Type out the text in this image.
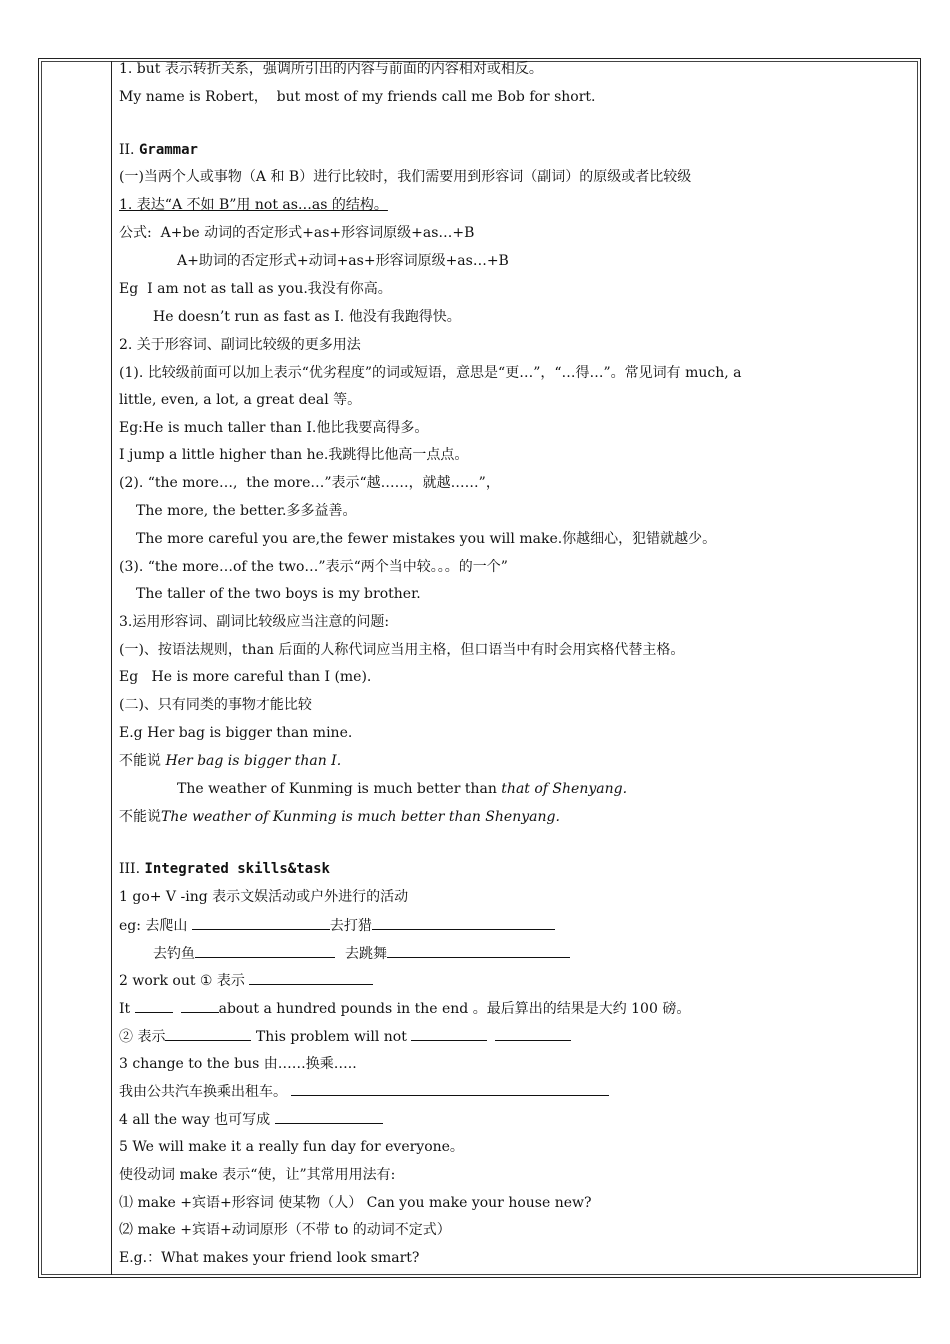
1. but 表示转折关系，强调所引出的内容与前面的内容相对或相反。
My name is Robert，  but most of my friends call me Bob for short.
II. Grammar
(一)当两个人或事物（A 和 B）进行比较时，我们需要用到形容词（副词）的原级或者比较级
1. 表达“A 不如 B”用 not as…as 的结构。
公式:  A+be 动词的否定形式+as+形容词原级+as…+B
A+助词的否定形式+动词+as+形容词原级+as…+B
Eg  I am not as tall as you.我没有你高。
He doesn’t run as fast as I. 他没有我跑得快。
2. 关于形容词、副词比较级的更多用法
(1). 比较级前面可以加上表示“优劣程度”的词或短语，意思是“更…”，“…得…”。常见词有 much, a
little, even, a lot, a great deal 等。
Eg:He is much taller than I.他比我要高得多。
I jump a little higher than he.我跳得比他高一点点。
(2). “the more…,  the more…”表示“越……，就越……”，
The more, the better.多多益善。
The more careful you are,the fewer mistakes you will make.你越细心，犯错就越少。
(3). “the more…of the two…”表示“两个当中较。。。的一个”
The taller of the two boys is my brother.
3.运用形容词、副词比较级应当注意的问题:
(一)、按语法规则，than 后面的人称代词应当用主格，但口语当中有时会用宾格代替主格。
Eg   He is more careful than I (me).
(二)、只有同类的事物才能比较
E.g Her bag is bigger than mine.
不能说 Her bag is bigger than I.
The weather of Kunming is much better than that of Shenyang.
不能说The weather of Kunming is much better than Shenyang.
III. Integrated skills&task
1 go+ V -ing 表示文娱活动或户外进行的活动
eg: 去爬山	去打猎
去钓鱼	去跳舞
2 work out ① 表示
It	about a hundred pounds in the end 。最后算出的结果是大约 100 磅。
② 表示	This problem will not
3 change to the bus 由……换乘…..
我由公共汽车换乘出租车。
4 all the way 也可写成
5 We will make it a really fun day for everyone。
使役动词 make 表示“使，让”其常用用法有:
⑴ make +宾语+形容词 使某物（人） Can you make your house new?
⑵ make +宾语+动词原形（不带 to 的动词不定式）
E.g.：What makes your friend look smart?
